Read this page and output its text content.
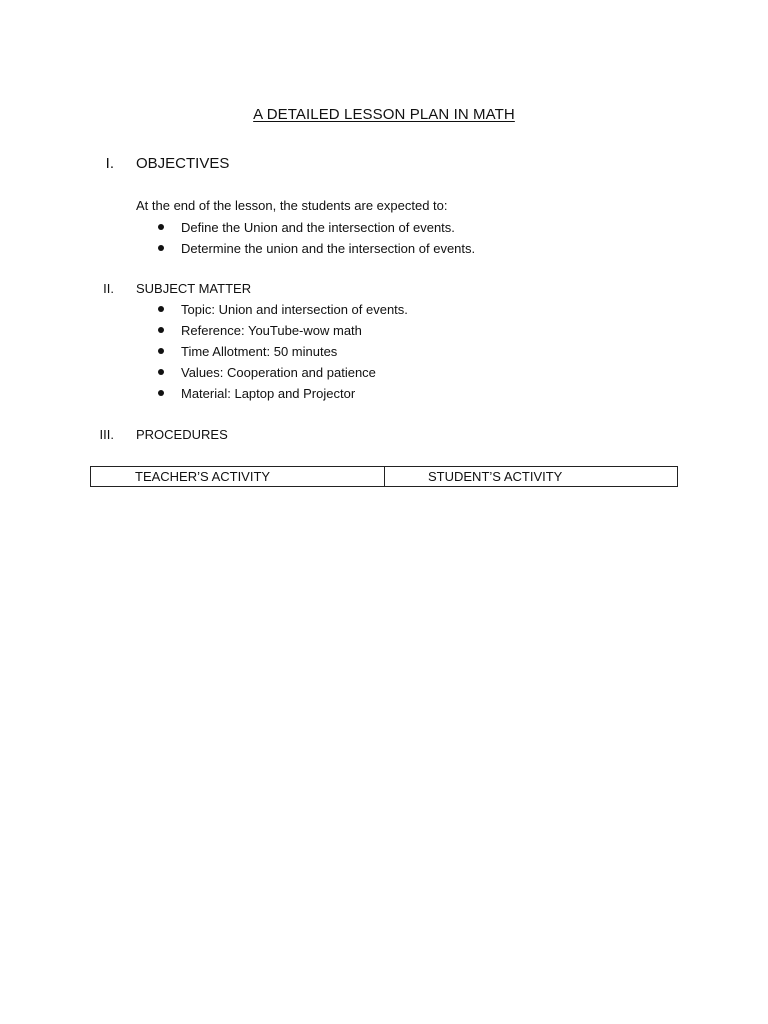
A DETAILED LESSON PLAN IN MATH
I. OBJECTIVES
At the end of the lesson, the students are expected to:
Define the Union and the intersection of events.
Determine the union and the intersection of events.
II. SUBJECT MATTER
Topic: Union and intersection of events.
Reference: YouTube-wow math
Time Allotment: 50 minutes
Values: Cooperation and patience
Material: Laptop and Projector
III. PROCEDURES
TEACHER’S ACTIVITY	STUDENT’S ACTIVITY
